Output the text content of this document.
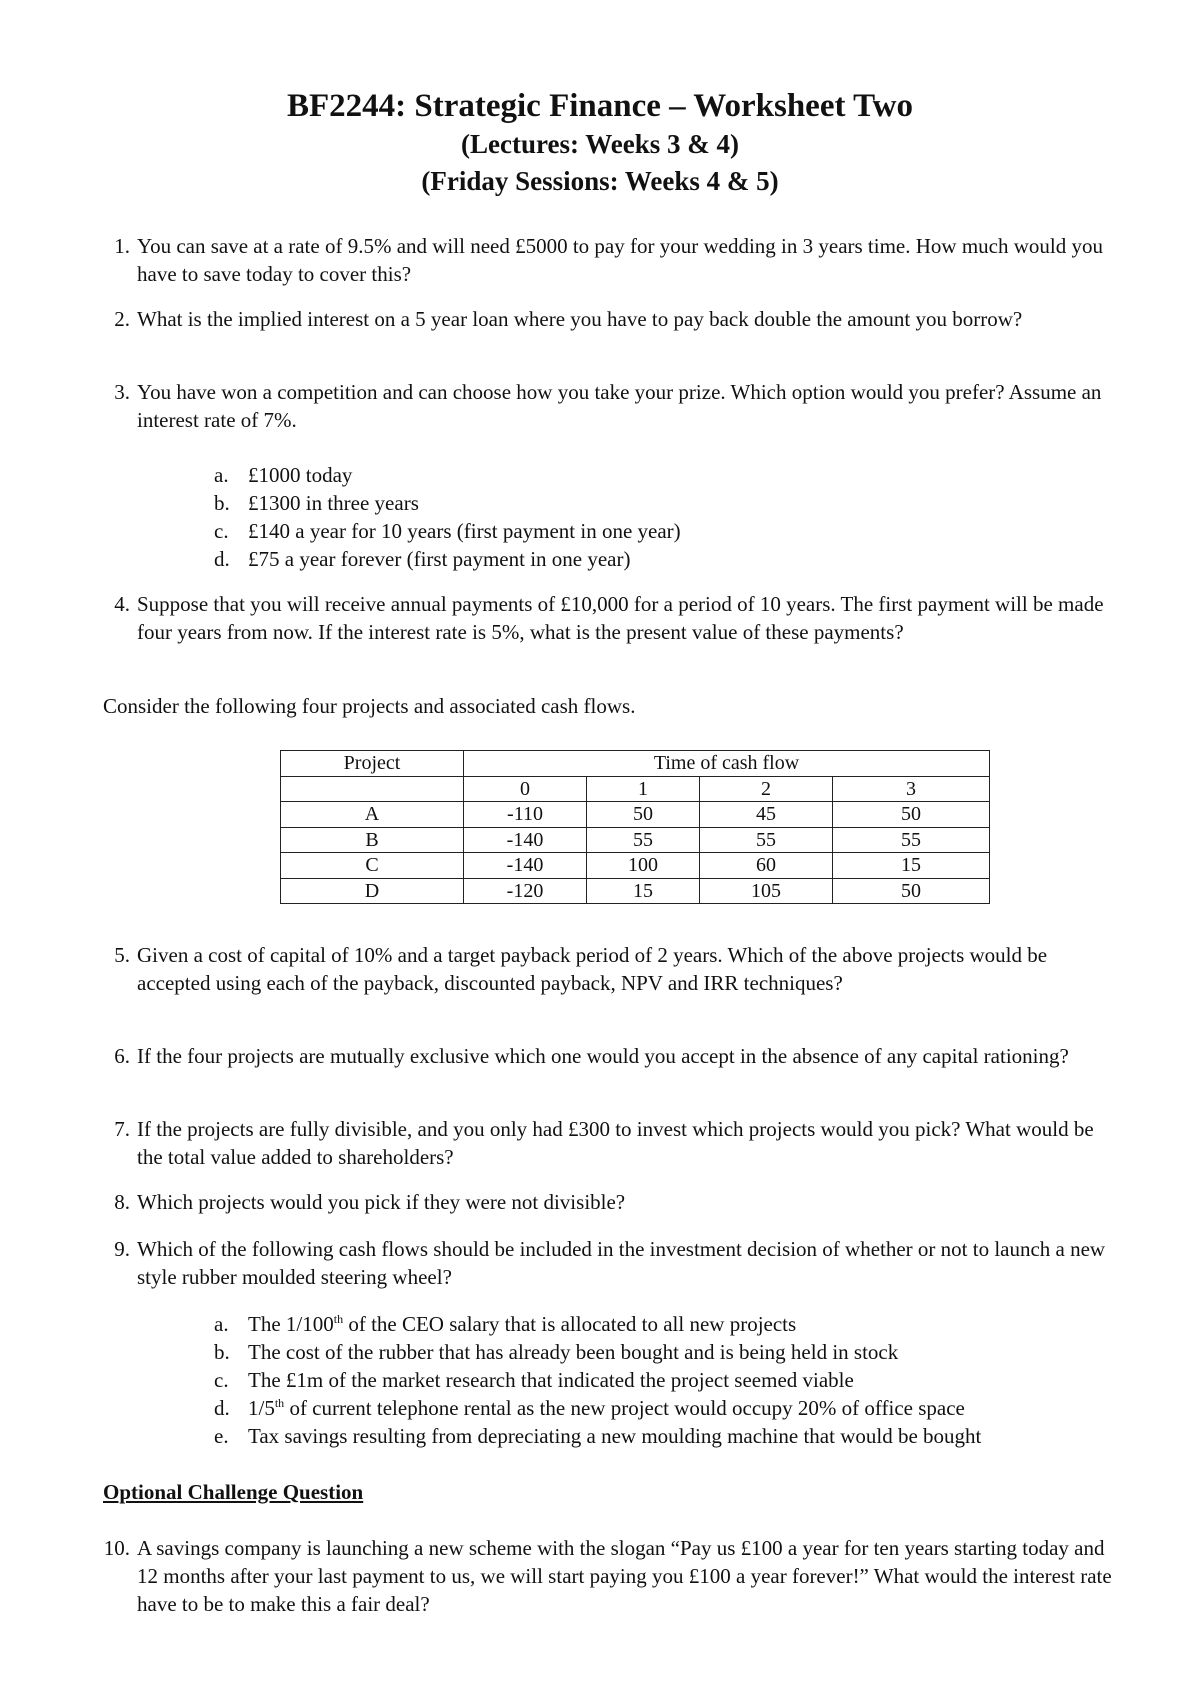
BF2244: Strategic Finance – Worksheet Two

(Lectures: Weeks 3 & 4)

(Friday Sessions: Weeks 4 & 5)

1. You can save at a rate of 9.5% and will need £5000 to pay for your wedding in 3 years time. How much would you have to save today to cover this?

2. What is the implied interest on a 5 year loan where you have to pay back double the amount you borrow?

3. You have won a competition and can choose how you take your prize. Which option would you prefer? Assume an interest rate of 7%.

a. £1000 today
b. £1300 in three years
c. £140 a year for 10 years (first payment in one year)
d. £75 a year forever (first payment in one year)
4. Suppose that you will receive annual payments of £10,000 for a period of 10 years. The first payment will be made four years from now. If the interest rate is 5%, what is the present value of these payments?

Consider the following four projects and associated cash flows.
Project	Time of cash flow			
	0	1	2	3
A	-110	50	45	50
B	-140	55	55	55
C	-140	100	60	15
D	-120	15	105	50
5. Given a cost of capital of 10% and a target payback period of 2 years. Which of the above projects would be accepted using each of the payback, discounted payback, NPV and IRR techniques?

6. If the four projects are mutually exclusive which one would you accept in the absence of any capital rationing?

7. If the projects are fully divisible, and you only had £300 to invest which projects would you pick? What would be the total value added to shareholders?

8. Which projects would you pick if they were not divisible?

9. Which of the following cash flows should be included in the investment decision of whether or not to launch a new style rubber moulded steering wheel?

a. The 1/100th of the CEO salary that is allocated to all new projects
b. The cost of the rubber that has already been bought and is being held in stock
c. The £1m of the market research that indicated the project seemed viable
d. 1/5th of current telephone rental as the new project would occupy 20% of office space
e. Tax savings resulting from depreciating a new moulding machine that would be bought
Optional Challenge Question
10. A savings company is launching a new scheme with the slogan “Pay us £100 a year for ten years starting today and 12 months after your last payment to us, we will start paying you £100 a year forever!” What would the interest rate have to be to make this a fair deal?
